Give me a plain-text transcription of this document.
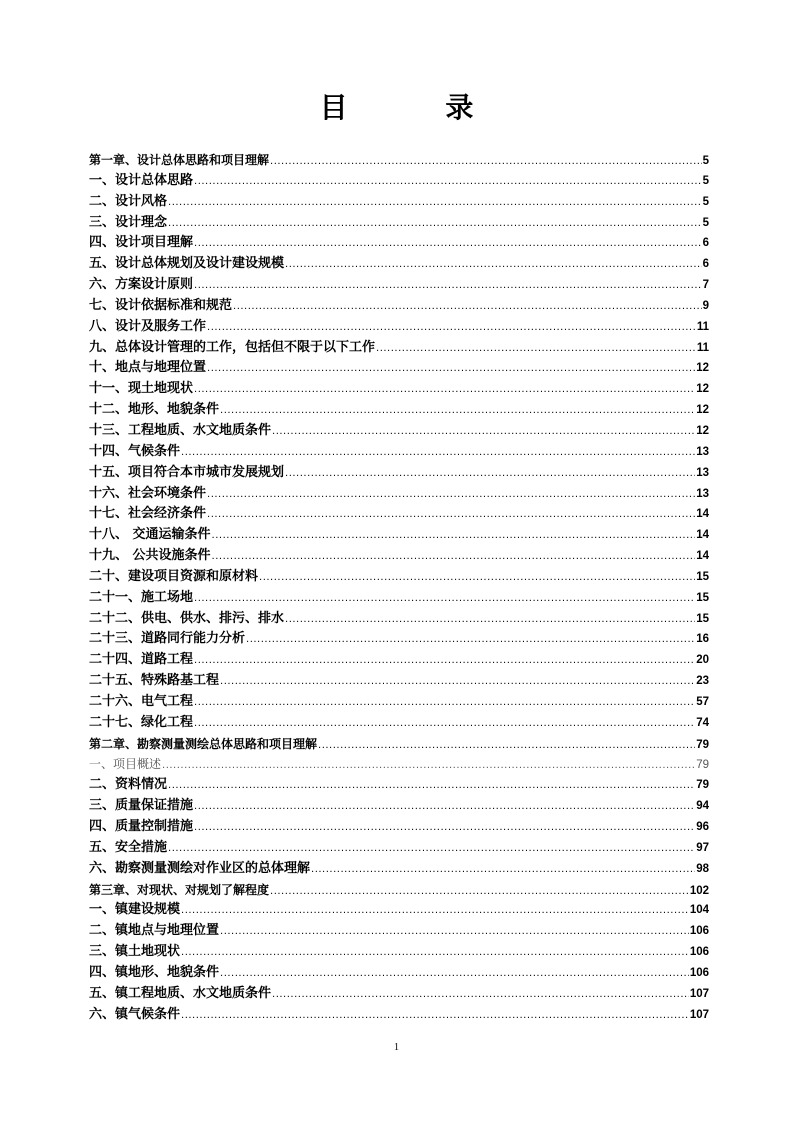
目 录
第一章、设计总体思路和项目理解 .....	5
一、设计总体思路 .....	5
二、设计风格 .....	5
三、设计理念 .....	5
四、设计项目理解 .....	6
五、设计总体规划及设计建设规模 .....	6
六、方案设计原则 .....	7
七、设计依据标准和规范 .....	9
八、设计及服务工作 .....	11
九、总体设计管理的工作，包括但不限于以下工作 .....	11
十、地点与地理位置 .....	12
十一、现土地现状 .....	12
十二、地形、地貌条件 .....	12
十三、工程地质、水文地质条件 .....	12
十四、气候条件 .....	13
十五、项目符合本市城市发展规划 .....	13
十六、社会环境条件 .....	13
十七、社会经济条件 .....	14
十八、 交通运输条件 .....	14
十九、 公共设施条件 .....	14
二十、建设项目资源和原材料 .....	15
二十一、施工场地 .....	15
二十二、供电、供水、排污、排水 .....	15
二十三、道路同行能力分析 .....	16
二十四、道路工程 .....	20
二十五、特殊路基工程 .....	23
二十六、电气工程 .....	57
二十七、绿化工程 .....	74
第二章、勘察测量测绘总体思路和项目理解 .....	79
一、项目概述 .....	79
二、资料情况 .....	79
三、质量保证措施 .....	94
四、质量控制措施 .....	96
五、安全措施 .....	97
六、勘察测量测绘对作业区的总体理解 .....	98
第三章、对现状、对规划了解程度 .....	102
一、镇建设规模 .....	104
二、镇地点与地理位置 .....	106
三、镇土地现状 .....	106
四、镇地形、地貌条件 .....	106
五、镇工程地质、水文地质条件 .....	107
六、镇气候条件 .....	107
1
